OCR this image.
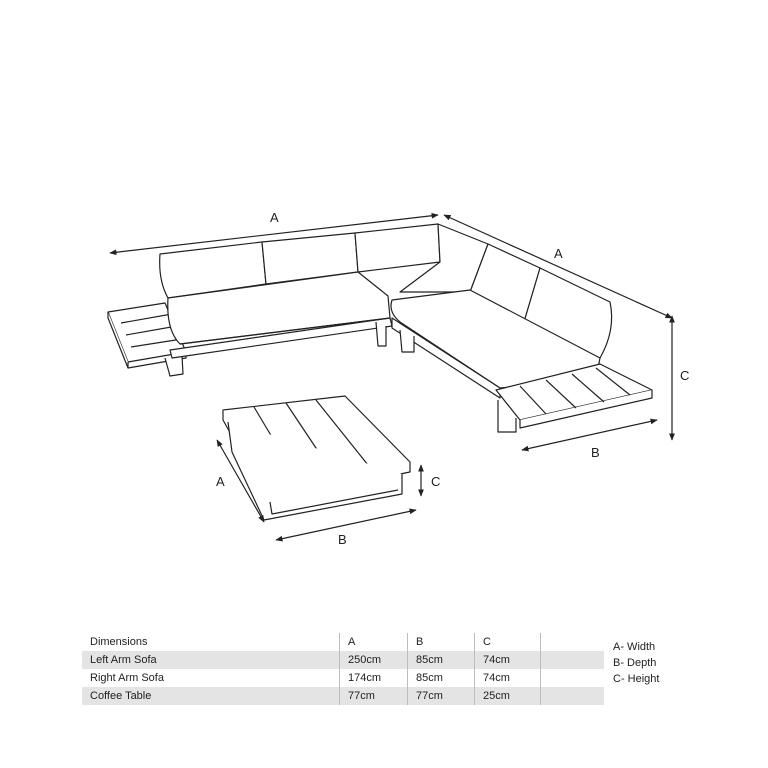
A
A
B
C
A
B
C
Dimensions	A	B	C	
Left Arm Sofa	250cm	85cm	74cm	
Right Arm Sofa	174cm	85cm	74cm	
Coffee Table	77cm	77cm	25cm	
A- Width
B- Depth
C- Height
